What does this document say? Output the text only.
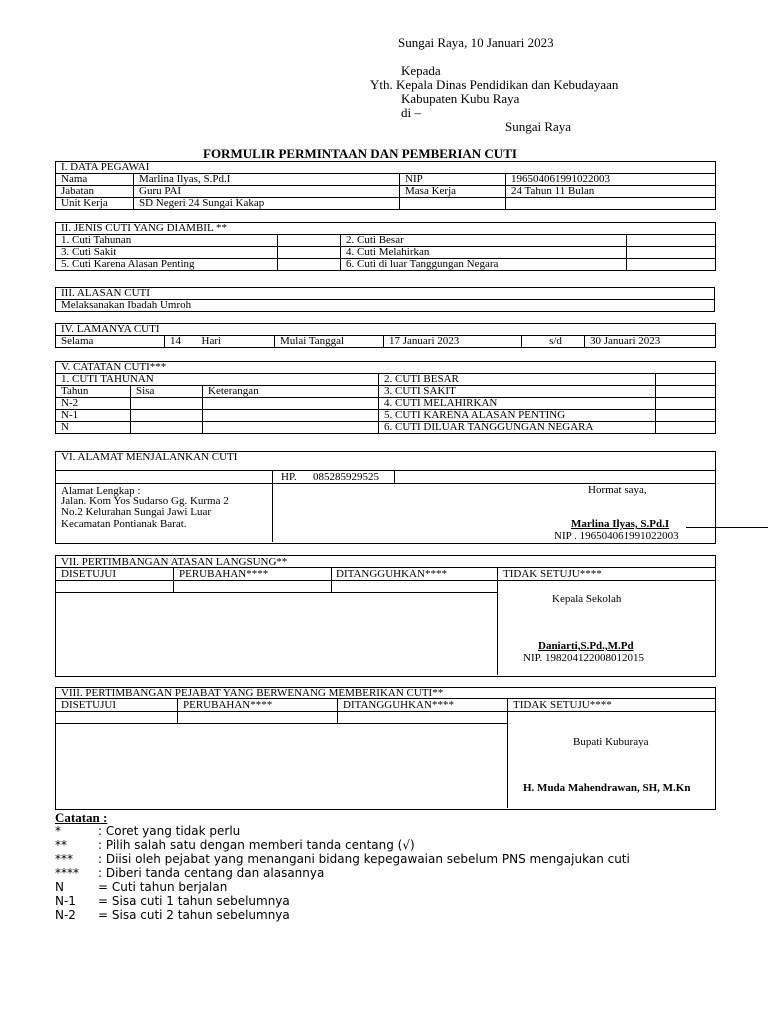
Sungai Raya, 10 Januari 2023
Kepada
Yth. Kepala Dinas Pendidikan dan Kebudayaan
Kabupaten Kubu Raya
di –
Sungai Raya
FORMULIR PERMINTAAN DAN PEMBERIAN CUTI
I. DATA PEGAWAI			
Nama	Marlina Ilyas, S.Pd.I	NIP	196504061991022003
Jabatan	Guru PAI	Masa Kerja	24 Tahun 11 Bulan
Unit Kerja	SD Negeri 24 Sungai Kakap		
II. JENIS CUTI YANG DIAMBIL **			
1. Cuti Tahunan		2. Cuti Besar	
3. Cuti Sakit		4. Cuti Melahirkan	
5. Cuti Karena Alasan Penting		6. Cuti di luar Tanggungan Negara	
III. ALASAN CUTI
Melaksanakan Ibadah Umroh
IV. LAMANYA CUTI
Selama	14	Hari	Mulai Tanggal	17 Januari 2023	s/d	30 Januari 2023
V. CATATAN CUTI***				
1. CUTI TAHUNAN			2. CUTI BESAR	
Tahun	Sisa	Keterangan	3. CUTI SAKIT	
N-2			4. CUTI MELAHIRKAN	
N-1			5. CUTI KARENA ALASAN PENTING	
N			6. CUTI DILUAR TANGGUNGAN NEGARA	
VI. ALAMAT MENJALANKAN CUTI
HP. 085285929525
Alamat Lengkap :
Jalan. Kom Yos Sudarso Gg. Kurma 2
No.2 Kelurahan Sungai Jawi Luar
Kecamatan Pontianak Barat.
Hormat saya,
Marlina Ilyas, S.Pd.I
NIP . 196504061991022003
VII. PERTIMBANGAN ATASAN LANGSUNG**
DISETUJUI	PERUBAHAN****	DITANGGUHKAN****	TIDAK SETUJU****
Kepala Sekolah
Daniarti,S.Pd.,M.Pd
NIP. 198204122008012015
VIII. PERTIMBANGAN PEJABAT YANG BERWENANG MEMBERIKAN CUTI**
DISETUJUI	PERUBAHAN****	DITANGGUHKAN****	TIDAK SETUJU****
Bupati Kuburaya
H. Muda Mahendrawan, SH, M.Kn
Catatan :
*	: Coret yang tidak perlu
**	: Pilih salah satu dengan memberi tanda centang (√)
*** : Diisi oleh pejabat yang menangani bidang kepegawaian sebelum PNS mengajukan cuti
**** : Diberi tanda centang dan alasannya
N	= Cuti tahun berjalan
N-1 = Sisa cuti 1 tahun sebelumnya
N-2 = Sisa cuti 2 tahun sebelumnya
